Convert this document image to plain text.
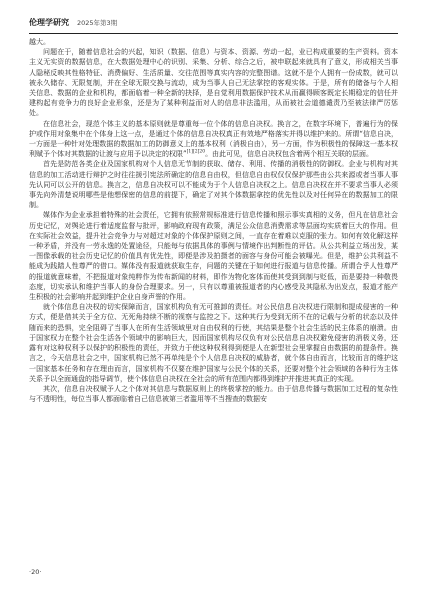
伦理学研究 2025年第3期

越大。

问题在于，随着信息社会的兴起，知识（数据、信息）与资本、资源、劳动一起，业已构成重要的生产资料。资本主义无实资的数据信息，在大数据处理中心的识别、采集、分析、综合之后，被申联起来就具有了意义，形成相关当事人隐秘反映其性格特征、消费偏好、生活质量、交往范围等真实内容的完整图谱。这就不是个人拥有一份成数，就可以被永久储存、无限复制，并在全球无限交换与流动，成为当事人自己无法掌控的客观实体。于是，所有的储备与个人相关信息、数据的企业和机构，都面临着一种全新的抉择，是自觉利用数据保护技术从而赢得顾客既定长期稳定的信任并建构起有竞争力的良好企业形象，还是为了某种利益而对人的信息非法滥用，从而被社会道德谴责乃至被法律严厉惩处。

在信息社会，现范个体主义的基本原则就是尊重每一位个体的信息自决权。换言之，在数字环境下，普遍行为的保护或作用对象集中在个体身上这一点，是通过个体的信息自决权真正有效地严格落实并得以维护来的。所谓“信息自决，一方面是一种针对处理数据的数据加工的防御意义上的基本权利（消极自由），另一方面，作为积极性的保障这一基本权利赋予个体对其数据的让渡与应用予以决定的权限”$^{[1][2]20}$。由此可见，信息自决权包含着两个相互关联的层面。

首先是防范各类企业及国家机构对个人信息无节制的获取、储存、利用、传播的消极性的防御权。企业与机构对其信息的加工活动进行辩护之时往往援引宪法所确定的信息自由权，但信息自由权仅仅保护那些由公共来源或者当事人事先认同可以公开的信息。换言之，信息自决权可以不能成为于个人信息自决权之上。信息自决权在并不要求当事人必须事先向外清楚说明哪些是他想保密的信息的前提下，确定了对其个体数据拿控的优先性以及对任何异在的数据加工的限制。

媒体作为企业承担着特殊的社会责任，它拥有依照常规标准进行信息传播和照示事实真相的义务，但凡在信息社会历史记忆，对舆论进行着适度监督与批评，影响政府现有政策，满足公众信息消费需求等层面均实质着巨大的作用。但在实际社会效益，提升社会竞争力与对超过对象的个体保护原则之间，一直存在着难以克服的张力。如何有效化解这样一种矛盾，并没有一劳永逸的处置途径，只能每与依据具体的事例与情境作出判断性的评估。从公共利益立场出发，某一图像承载的社会历史记忆的价值具有优先性，即便是涉及拍摄者的面容与身份可能会被曝光。但是，维护公共利益不能成为践踏人性尊严的借口。媒体没有报道就获取生存，问题的关键在于如何进行报道与信息传播。所谓合乎人性尊严的报道就意味着，不把报道对象纯粹作为传布新闻的材料，即作为物化客体而使其受到到制与贬低，而是要持一种敬畏态度，切实承认和维护当事人的身份合理要求。另一，只有以尊重被报道者的内心感受及其隐私为出发点，报道才能产生积极的社会影响并起到维护企业自身声誉的作用。

就个体信息自决权的切实保障而言，国家机构负有无可推卸的责任。对公民信息自决权进行限制和提成侵害的一种方式，便是借其关于全方位、无死角持续不断的视察与监控之下。这种其行为受到无所不在的记载与分析的状态以及伴随而来的恐惧，完全阻碍了当事人在所有生活领域里对自由权利的行使，其结果是整个社会生活的民主体系的崩溃。由于国家权力在整个社会生活各个领域中的影响巨大，因而国家机构尽仅负有对公民信息自决权避免侵害的消极义务，还露有对这种权利予以保护的积极性的责任，并致力于使这种权利得到便是人在新型社会里掌握自由数据的前提条件。换言之，今天信息社会之中，国家机构已然不再单纯是个个人信息自决权的威胁者，就个体自由而言，比较而言的维护这一国家基本任务和存在理由而言，国家机构不仅要在维护国家与公民个体的关系，还要对整个社会领域的各种行为主体关系予以全面通盘的指导调节，使个体信息自决权在全社会的所有范围内都得到维护并推进其真正的实现。

其次，信息自决权赋予人之个体对其信息与数据原则上的终极掌控的能力。由于信息传播与数据加工过程的复杂性与不透明性，每位当事人都面临着自己信息被第三者滥用等不当搜查的数据安

·20·
